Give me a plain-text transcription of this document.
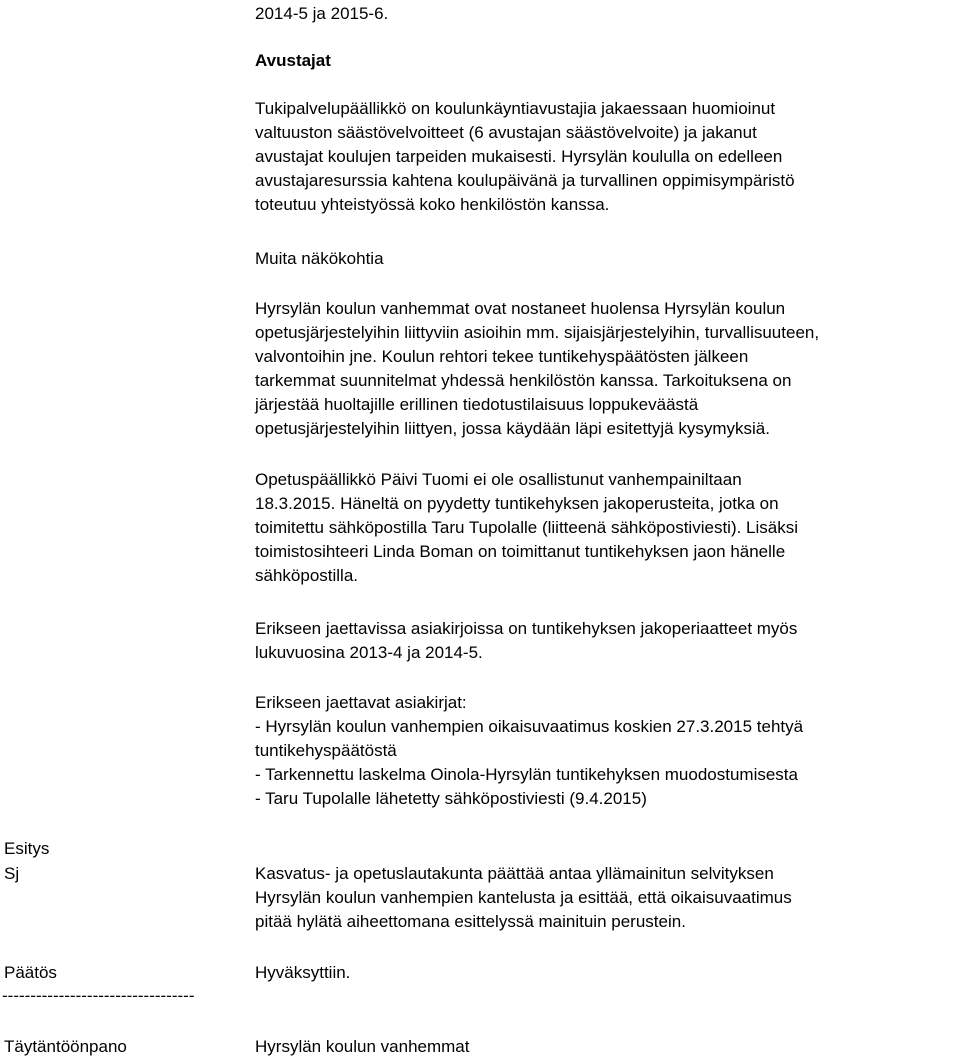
2014-5 ja 2015-6.
Avustajat
Tukipalvelupäällikkö on koulunkäyntiavustajia jakaessaan huomioinut
valtuuston säästövelvoitteet (6 avustajan säästövelvoite) ja jakanut
avustajat koulujen tarpeiden mukaisesti. Hyrsylän koululla on edelleen
avustajaresurssia kahtena koulupäivänä ja turvallinen oppimisympäristö
toteutuu yhteistyössä koko henkilöstön kanssa.
Muita näkökohtia
Hyrsylän koulun vanhemmat ovat nostaneet huolensa Hyrsylän koulun
opetusjärjestelyihin liittyviin asioihin mm. sijaisjärjestelyihin, turvallisuuteen,
valvontoihin jne. Koulun rehtori tekee tuntikehyspäätösten jälkeen
tarkemmat suunnitelmat yhdessä henkilöstön kanssa. Tarkoituksena on
järjestää huoltajille erillinen tiedotustilaisuus loppukeväästä
opetusjärjestelyihin liittyen, jossa käydään läpi esitettyjä kysymyksiä.
Opetuspäällikkö Päivi Tuomi ei ole osallistunut vanhempainiltaan
18.3.2015. Häneltä on pyydetty tuntikehyksen jakoperusteita, jotka on
toimitettu sähköpostilla Taru Tupolalle (liitteenä sähköpostiviesti). Lisäksi
toimistosihteeri Linda Boman on toimittanut tuntikehyksen jaon hänelle
sähköpostilla.
Erikseen jaettavissa asiakirjoissa on tuntikehyksen jakoperiaatteet myös
lukuvuosina 2013-4 ja 2014-5.
Erikseen jaettavat asiakirjat:
- Hyrsylän koulun vanhempien oikaisuvaatimus koskien 27.3.2015 tehtyä
tuntikehyspäätöstä
- Tarkennettu laskelma Oinola-Hyrsylän tuntikehyksen muodostumisesta
- Taru Tupolalle lähetetty sähköpostiviesti (9.4.2015)
Esitys
Sj	Kasvatus- ja opetuslautakunta päättää antaa yllämainitun selvityksen
Hyrsylän koulun vanhempien kantelusta ja esittää, että oikaisuvaatimus
pitää hylätä aiheettomana esittelyssä mainituin perustein.
Päätös	Hyväksyttiin.
----------------------------------
Täytäntöönpano	Hyrsylän koulun vanhemmat
